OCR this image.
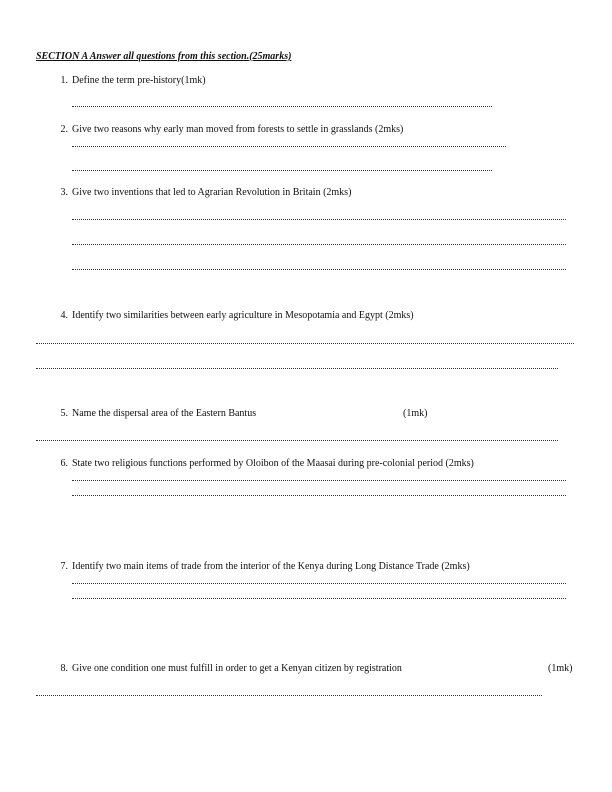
SECTION A Answer all questions from this section.(25marks)
1. Define the term pre-history(1mk)
2. Give two reasons why early man moved from forests to settle in grasslands (2mks)
3. Give two inventions that led to Agrarian Revolution in Britain (2mks)
4. Identify two similarities between early agriculture in Mesopotamia and Egypt (2mks)
5. Name the dispersal area of the Eastern Bantus	(1mk)
6. State two religious functions performed by Oloibon of the Maasai during pre-colonial period (2mks)
7. Identify two main items of trade from the interior of the Kenya during Long Distance Trade (2mks)
8. Give one condition one must fulfill in order to get a Kenyan citizen by registration	(1mk)
